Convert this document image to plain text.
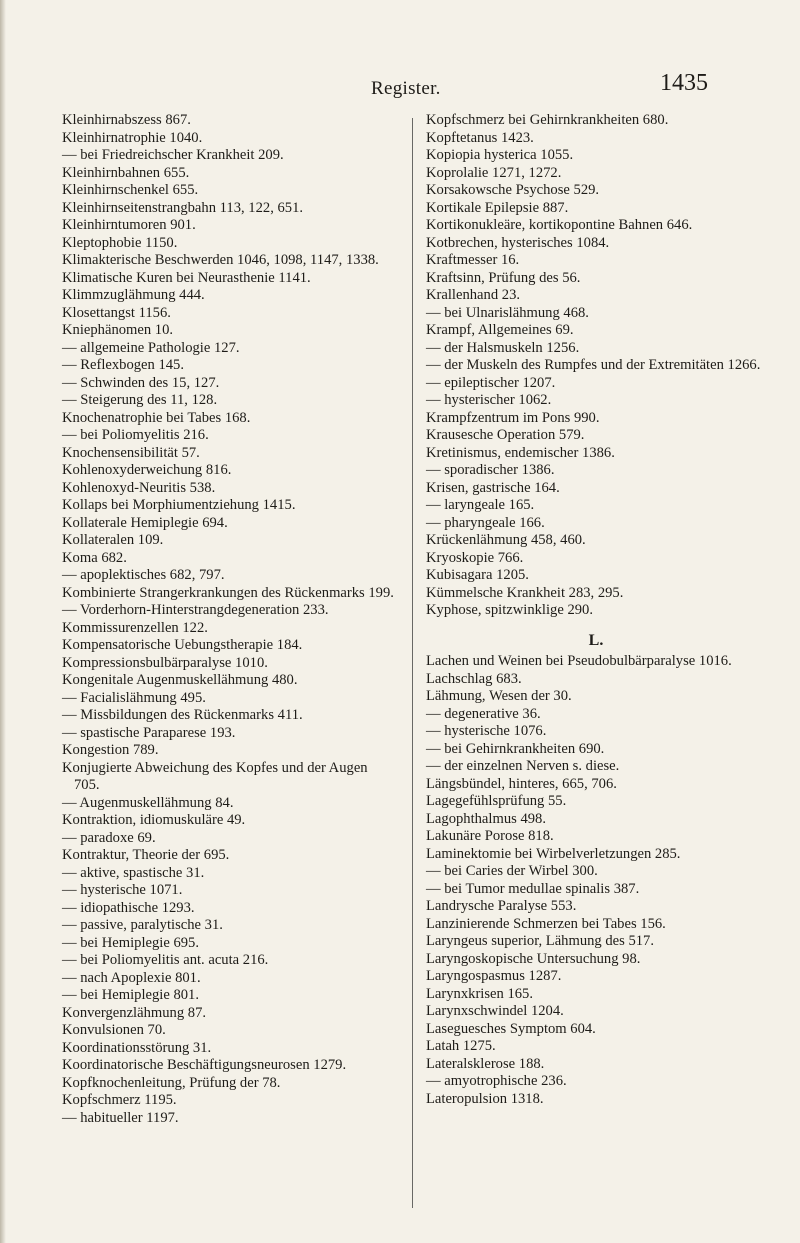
Register.	1435
Kleinhirnabszess 867.
Kleinhirnatrophie 1040.
— bei Friedreichscher Krankheit 209.
Kleinhirnbahnen 655.
Kleinhirnschenkel 655.
Kleinhirnseitenstrangbahn 113, 122, 651.
Kleinhirntumoren 901.
Kleptophobie 1150.
Klimakterische Beschwerden 1046, 1098, 1147, 1338.
Klimatische Kuren bei Neurasthenie 1141.
Klimmzuglähmung 444.
Klosettangst 1156.
Kniephänomen 10.
— allgemeine Pathologie 127.
— Reflexbogen 145.
— Schwinden des 15, 127.
— Steigerung des 11, 128.
Knochenatrophie bei Tabes 168.
— bei Poliomyelitis 216.
Knochensensibilität 57.
Kohlenoxyderweichung 816.
Kohlenoxyd-Neuritis 538.
Kollaps bei Morphiumentziehung 1415.
Kollaterale Hemiplegie 694.
Kollateralen 109.
Koma 682.
— apoplektisches 682, 797.
Kombinierte Strangerkrankungen des Rückenmarks 199.
— Vorderhorn-Hinterstrangdegeneration 233.
Kommissurenzellen 122.
Kompensatorische Uebungstherapie 184.
Kompressionsbulbärparalyse 1010.
Kongenitale Augenmuskellähmung 480.
— Facialislähmung 495.
— Missbildungen des Rückenmarks 411.
— spastische Paraparese 193.
Kongestion 789.
Konjugierte Abweichung des Kopfes und der Augen 705.
— Augenmuskellähmung 84.
Kontraktion, idiomuskuläre 49.
— paradoxe 69.
Kontraktur, Theorie der 695.
— aktive, spastische 31.
— hysterische 1071.
— idiopathische 1293.
— passive, paralytische 31.
— bei Hemiplegie 695.
— bei Poliomyelitis ant. acuta 216.
— nach Apoplexie 801.
— bei Hemiplegie 801.
Konvergenzlähmung 87.
Konvulsionen 70.
Koordinationsstörung 31.
Koordinatorische Beschäftigungsneurosen 1279.
Kopfknochenleitung, Prüfung der 78.
Kopfschmerz 1195.
— habitueller 1197.
Kopfschmerz bei Gehirnkrankheiten 680.
Kopftetanus 1423.
Kopiopia hysterica 1055.
Koprolalie 1271, 1272.
Korsakowsche Psychose 529.
Kortikale Epilepsie 887.
Kortikonukleäre, kortikopontine Bahnen 646.
Kotbrechen, hysterisches 1084.
Kraftmesser 16.
Kraftsinn, Prüfung des 56.
Krallenhand 23.
— bei Ulnarislähmung 468.
Krampf, Allgemeines 69.
— der Halsmuskeln 1256.
— der Muskeln des Rumpfes und der Extremitäten 1266.
— epileptischer 1207.
— hysterischer 1062.
Krampfzentrum im Pons 990.
Krausesche Operation 579.
Kretinismus, endemischer 1386.
— sporadischer 1386.
Krisen, gastrische 164.
— laryngeale 165.
— pharyngeale 166.
Krückenlähmung 458, 460.
Kryoskopie 766.
Kubisagara 1205.
Kümmelsche Krankheit 283, 295.
Kyphose, spitzwinklige 290.
L.
Lachen und Weinen bei Pseudobulbärparalyse 1016.
Lachschlag 683.
Lähmung, Wesen der 30.
— degenerative 36.
— hysterische 1076.
— bei Gehirnkrankheiten 690.
— der einzelnen Nerven s. diese.
Längsbündel, hinteres, 665, 706.
Lagegefühlsprüfung 55.
Lagophthalmus 498.
Lakunäre Porose 818.
Laminektomie bei Wirbelverletzungen 285.
— bei Caries der Wirbel 300.
— bei Tumor medullae spinalis 387.
Landrysche Paralyse 553.
Lanzinierende Schmerzen bei Tabes 156.
Laryngeus superior, Lähmung des 517.
Laryngoskopische Untersuchung 98.
Laryngospasmus 1287.
Larynxkrisen 165.
Larynxschwindel 1204.
Laseguesches Symptom 604.
Latah 1275.
Lateralsklerose 188.
— amyotrophische 236.
Lateropulsion 1318.
